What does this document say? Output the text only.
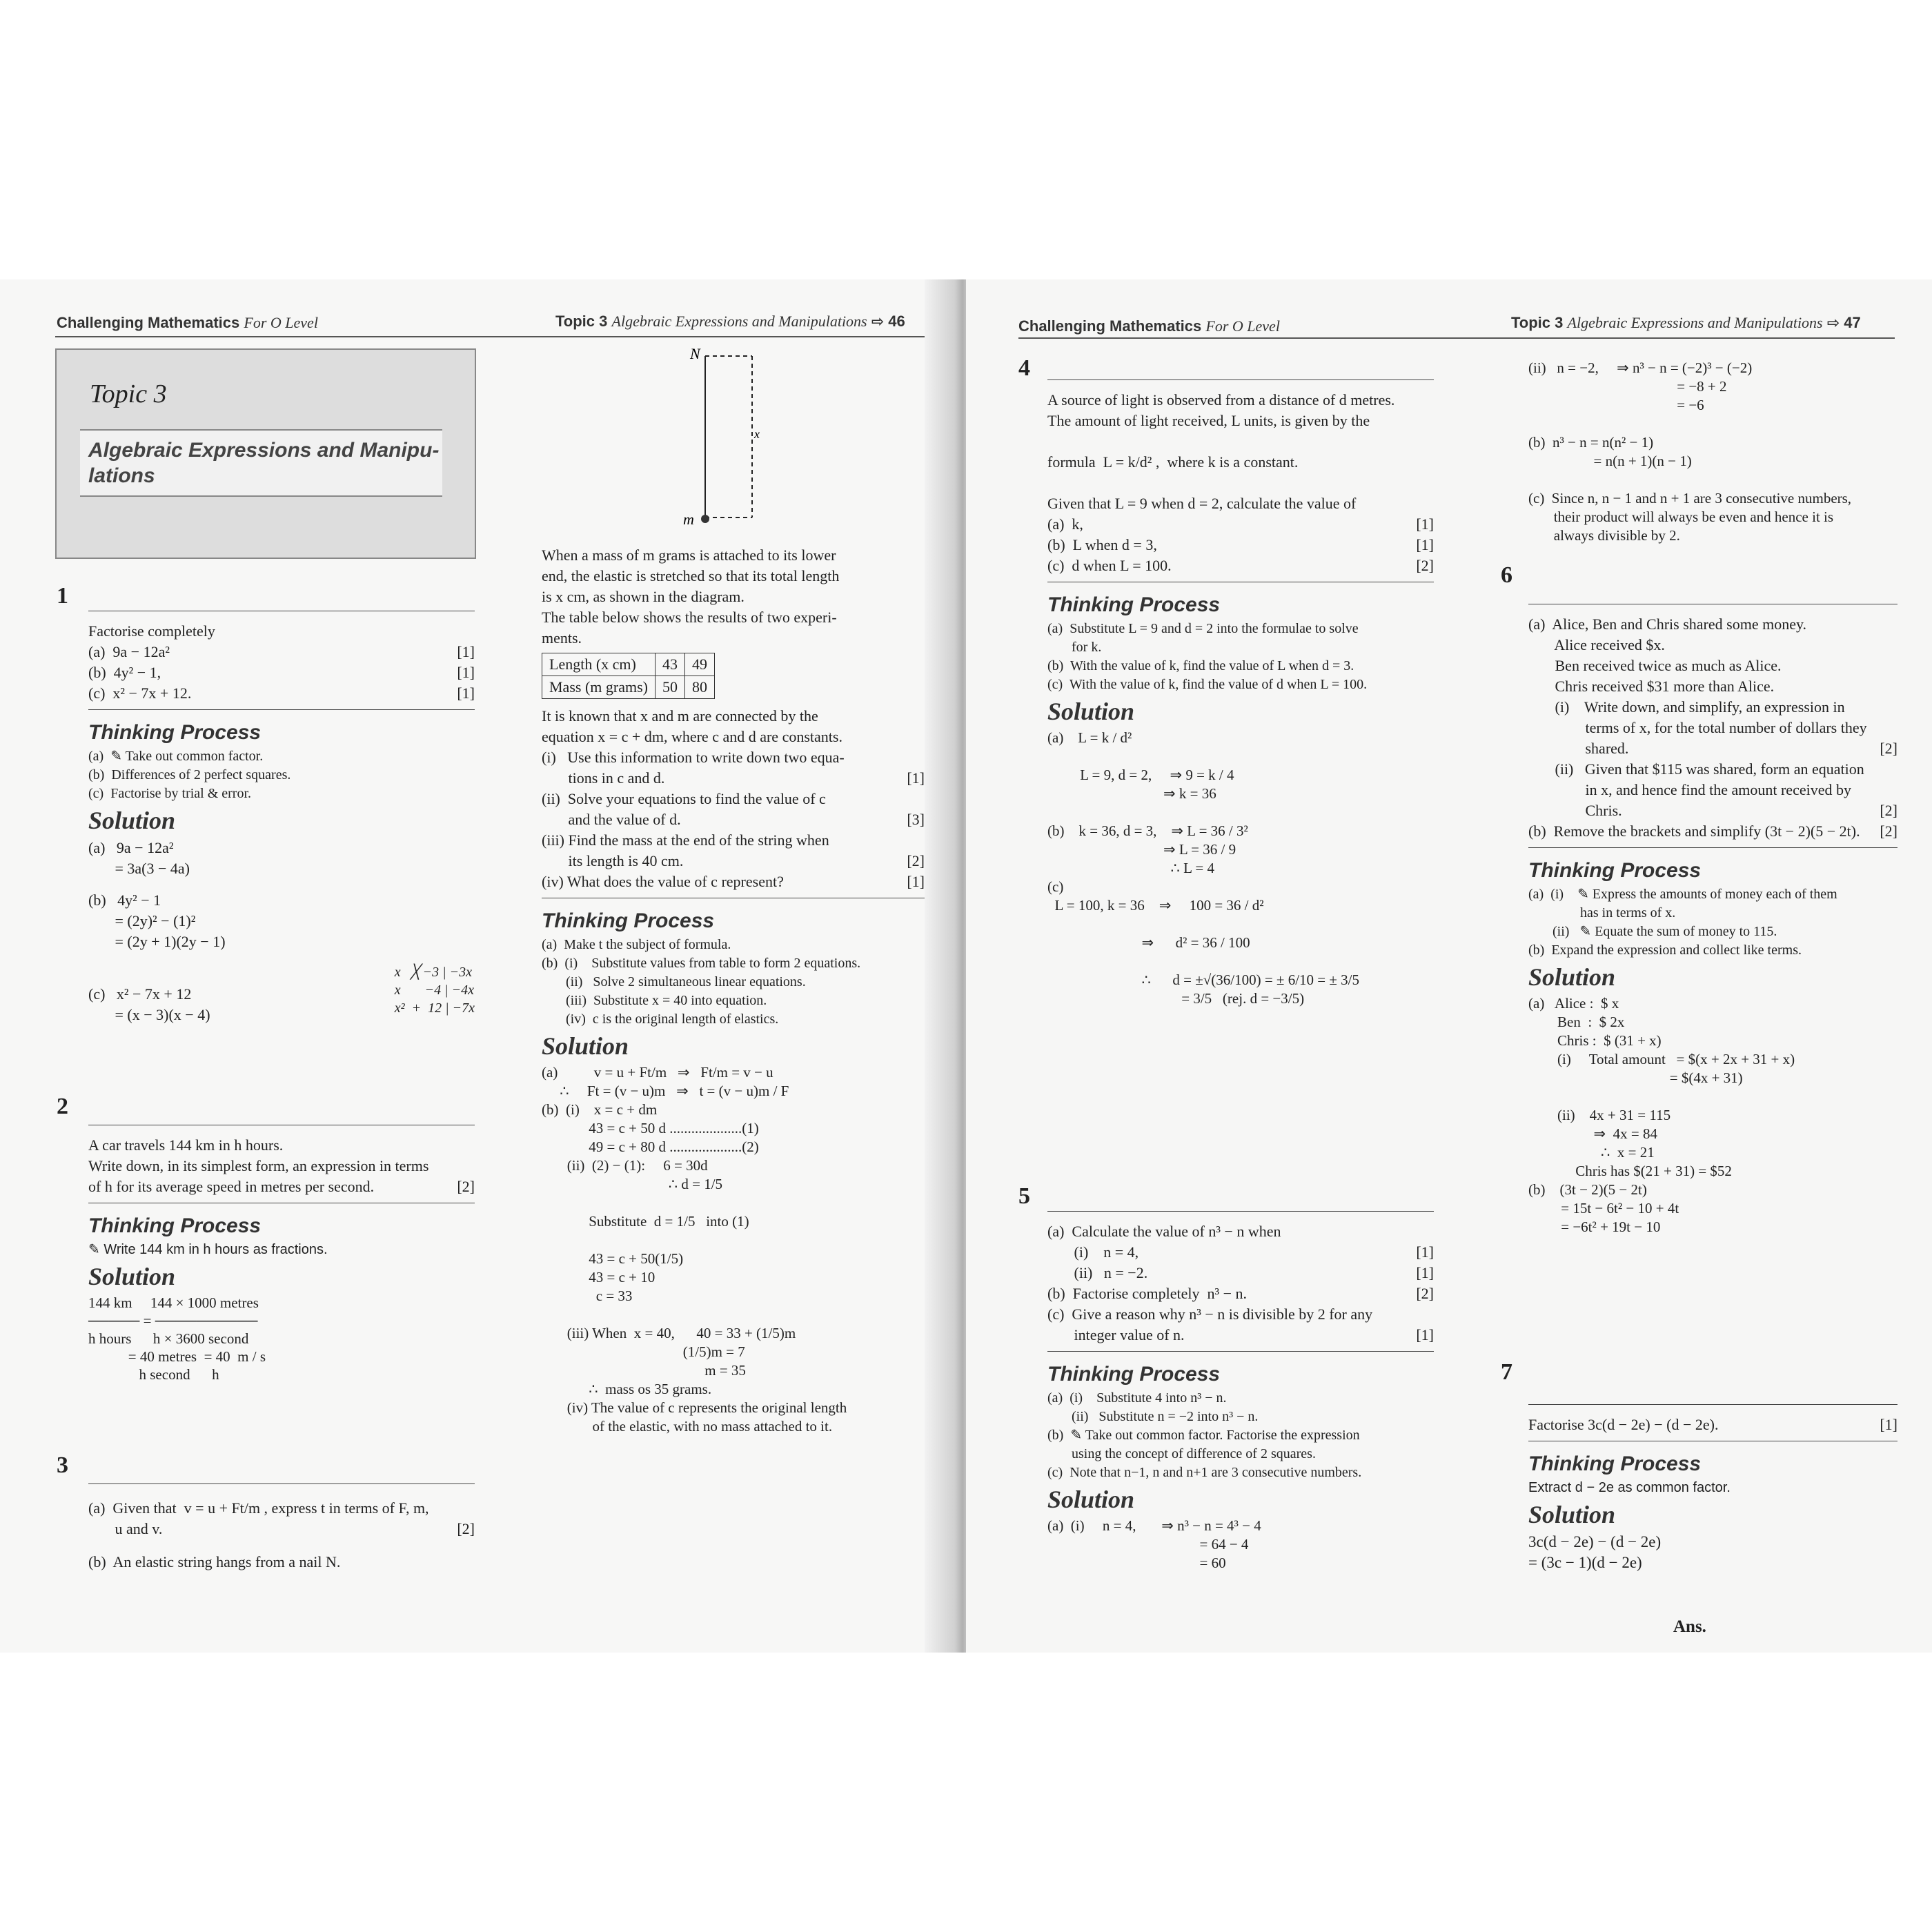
Challenging Mathematics For O Level	Topic 3 Algebraic Expressions and Manipulations ⇨ 46
Topic 3
Algebraic Expressions and Manipu-
lations
1
Factorise completely
(a)  9a − 12a²	[1]
(b)  4y² − 1,	[1]
(c)  x² − 7x + 12.	[1]
Thinking Process
(a)  ✎ Take out common factor.
(b)  Differences of 2 perfect squares.
(c)  Factorise by trial & error.
Solution
(a)   9a − 12a²
= 3a(3 − 4a)
(b)   4y² − 1
= (2y)² − (1)²
= (2y + 1)(2y − 1)
(c)   x² − 7x + 12
= (x − 3)(x − 4)
x   ╳ −3 | −3x
x       −4 | −4x
x²  +  12 | −7x
2
A car travels 144 km in h hours.
Write down, in its simplest form, an expression in terms
of h for its average speed in metres per second.	[2]
Thinking Process
✎ Write 144 km in h hours as fractions.
Solution
144 km     144 × 1000 metres
───── = ──────────
h hours      h × 3600 second
= 40 metres  = 40  m / s
h second      h
3
(a)  Given that  v = u + Ft/m , express t in terms of F, m,
u and v.	[2]
(b)  An elastic string hangs from a nail N.
N
x
m
When a mass of m grams is attached to its lower
end, the elastic is stretched so that its total length
is x cm, as shown in the diagram.
The table below shows the results of two experi-
ments.
Length (x cm)	43	49
Mass (m grams)	50	80
It is known that x and m are connected by the
equation x = c + dm, where c and d are constants.
(i)   Use this information to write down two equa-
tions in c and d.	[1]
(ii)  Solve your equations to find the value of c
and the value of d.	[3]
(iii) Find the mass at the end of the string when
its length is 40 cm.	[2]
(iv) What does the value of c represent?	[1]
Thinking Process
(a)  Make t the subject of formula.
(b)  (i)    Substitute values from table to form 2 equations.
(ii)   Solve 2 simultaneous linear equations.
(iii)  Substitute x = 40 into equation.
(iv)  c is the original length of elastics.
Solution
(a)          v = u + Ft/m   ⇒   Ft/m = v − u
∴     Ft = (v − u)m   ⇒   t = (v − u)m / F
(b)  (i)    x = c + dm
43 = c + 50 d ....................(1)
49 = c + 80 d ....................(2)
(ii)  (2) − (1):     6 = 30d
∴ d = 1/5

Substitute  d = 1/5   into (1)

43 = c + 50(1/5)
43 = c + 10
c = 33

(iii) When  x = 40,      40 = 33 + (1/5)m
(1/5)m = 7
m = 35
∴  mass os 35 grams.
(iv) The value of c represents the original length
of the elastic, with no mass attached to it.
Challenging Mathematics For O Level	Topic 3 Algebraic Expressions and Manipulations ⇨ 47
4
A source of light is observed from a distance of d metres.
The amount of light received, L units, is given by the

formula  L = k/d² ,  where k is a constant.

Given that L = 9 when d = 2, calculate the value of
(a)  k,	[1]
(b)  L when d = 3,	[1]
(c)  d when L = 100.	[2]
Thinking Process
(a)  Substitute L = 9 and d = 2 into the formulae to solve
for k.
(b)  With the value of k, find the value of L when d = 3.
(c)  With the value of k, find the value of d when L = 100.
Solution
(a)    L = k / d²

L = 9, d = 2,     ⇒ 9 = k / 4
⇒ k = 36

(b)    k = 36, d = 3,    ⇒ L = 36 / 3²
⇒ L = 36 / 9
∴ L = 4
(c)
L = 100, k = 36    ⇒     100 = 36 / d²

⇒      d² = 36 / 100

∴      d = ±√(36/100) = ± 6/10 = ± 3/5
= 3/5   (rej. d = −3/5)
5
(a)  Calculate the value of n³ − n when
(i)    n = 4,	[1]
(ii)   n = −2.	[1]
(b)  Factorise completely  n³ − n.	[2]
(c)  Give a reason why n³ − n is divisible by 2 for any
integer value of n.	[1]
Thinking Process
(a)  (i)    Substitute 4 into n³ − n.
(ii)   Substitute n = −2 into n³ − n.
(b)  ✎ Take out common factor. Factorise the expression
using the concept of difference of 2 squares.
(c)  Note that n−1, n and n+1 are 3 consecutive numbers.
Solution
(a)  (i)     n = 4,       ⇒ n³ − n = 4³ − 4
= 64 − 4
= 60
(ii)   n = −2,     ⇒ n³ − n = (−2)³ − (−2)
= −8 + 2
= −6

(b)  n³ − n = n(n² − 1)
= n(n + 1)(n − 1)

(c)  Since n, n − 1 and n + 1 are 3 consecutive numbers,
their product will always be even and hence it is
always divisible by 2.
6
(a)  Alice, Ben and Chris shared some money.
Alice received $x.
Ben received twice as much as Alice.
Chris received $31 more than Alice.
(i)    Write down, and simplify, an expression in
terms of x, for the total number of dollars they
shared.	[2]
(ii)   Given that $115 was shared, form an equation
in x, and hence find the amount received by
Chris.	[2]
(b)  Remove the brackets and simplify (3t − 2)(5 − 2t). [2]
Thinking Process
(a)  (i)    ✎ Express the amounts of money each of them
has in terms of x.
(ii)   ✎ Equate the sum of money to 115.
(b)  Expand the expression and collect like terms.
Solution
(a)   Alice :  $ x
Ben  :  $ 2x
Chris :  $ (31 + x)
(i)     Total amount   = $(x + 2x + 31 + x)
= $(4x + 31)

(ii)    4x + 31 = 115
⇒  4x = 84
∴  x = 21
Chris has $(21 + 31) = $52
(b)    (3t − 2)(5 − 2t)
= 15t − 6t² − 10 + 4t
= −6t² + 19t − 10
7
Factorise 3c(d − 2e) − (d − 2e).	[1]
Thinking Process
Extract d − 2e as common factor.
Solution
3c(d − 2e) − (d − 2e)
= (3c − 1)(d − 2e)
Ans.
